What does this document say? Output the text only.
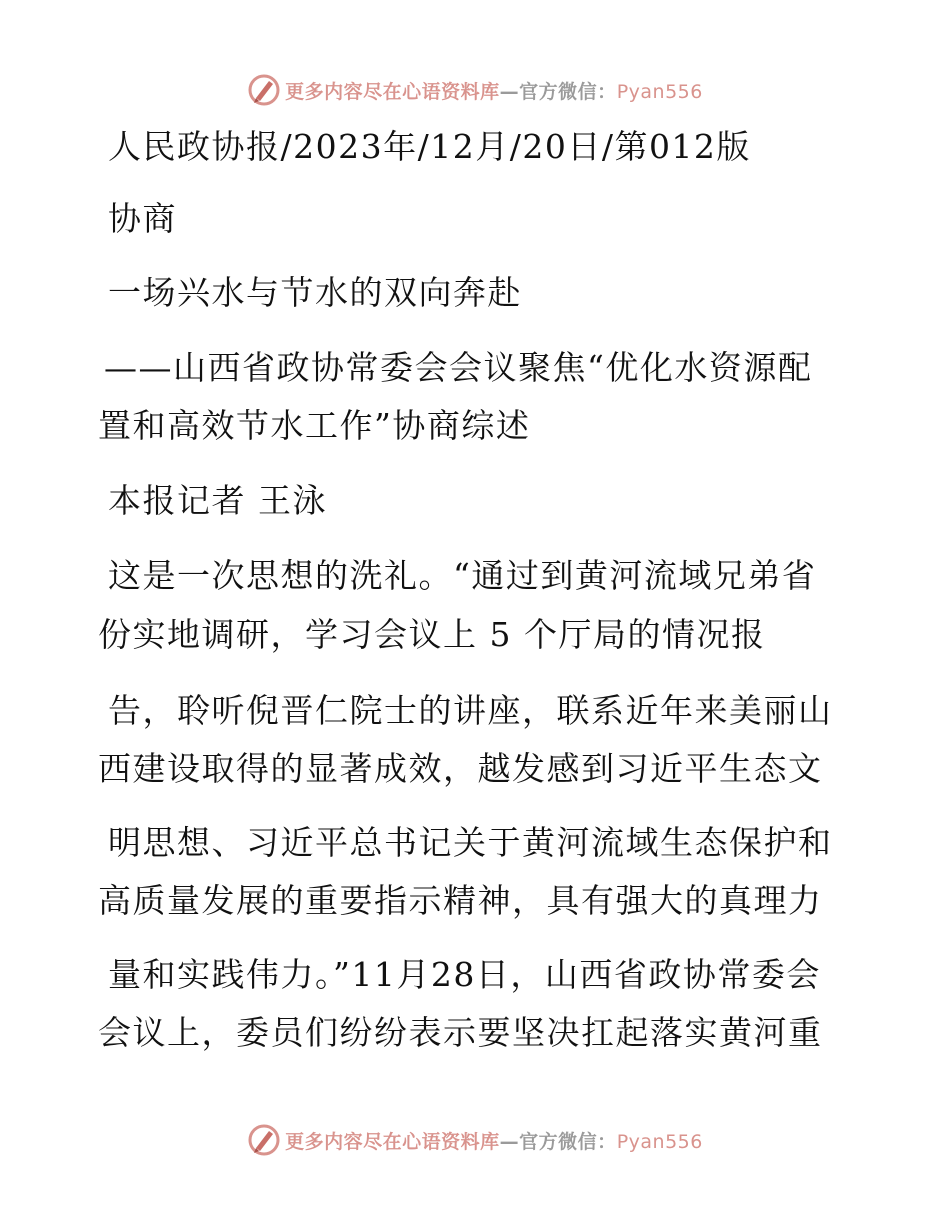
更多内容尽在心语资料库—官方微信：Pyan556
人民政协报/2023年/12月/20日/第012版
协商
一场兴水与节水的双向奔赴
——山西省政协常委会会议聚焦“优化水资源配
置和高效节水工作”协商综述
本报记者 王泳
这是一次思想的洗礼。“通过到黄河流域兄弟省
份实地调研，学习会议上 5 个厅局的情况报
告，聆听倪晋仁院士的讲座，联系近年来美丽山
西建设取得的显著成效，越发感到习近平生态文
明思想、习近平总书记关于黄河流域生态保护和
高质量发展的重要指示精神，具有强大的真理力
量和实践伟力。”11月28日，山西省政协常委会
会议上，委员们纷纷表示要坚决扛起落实黄河重
更多内容尽在心语资料库—官方微信：Pyan556
